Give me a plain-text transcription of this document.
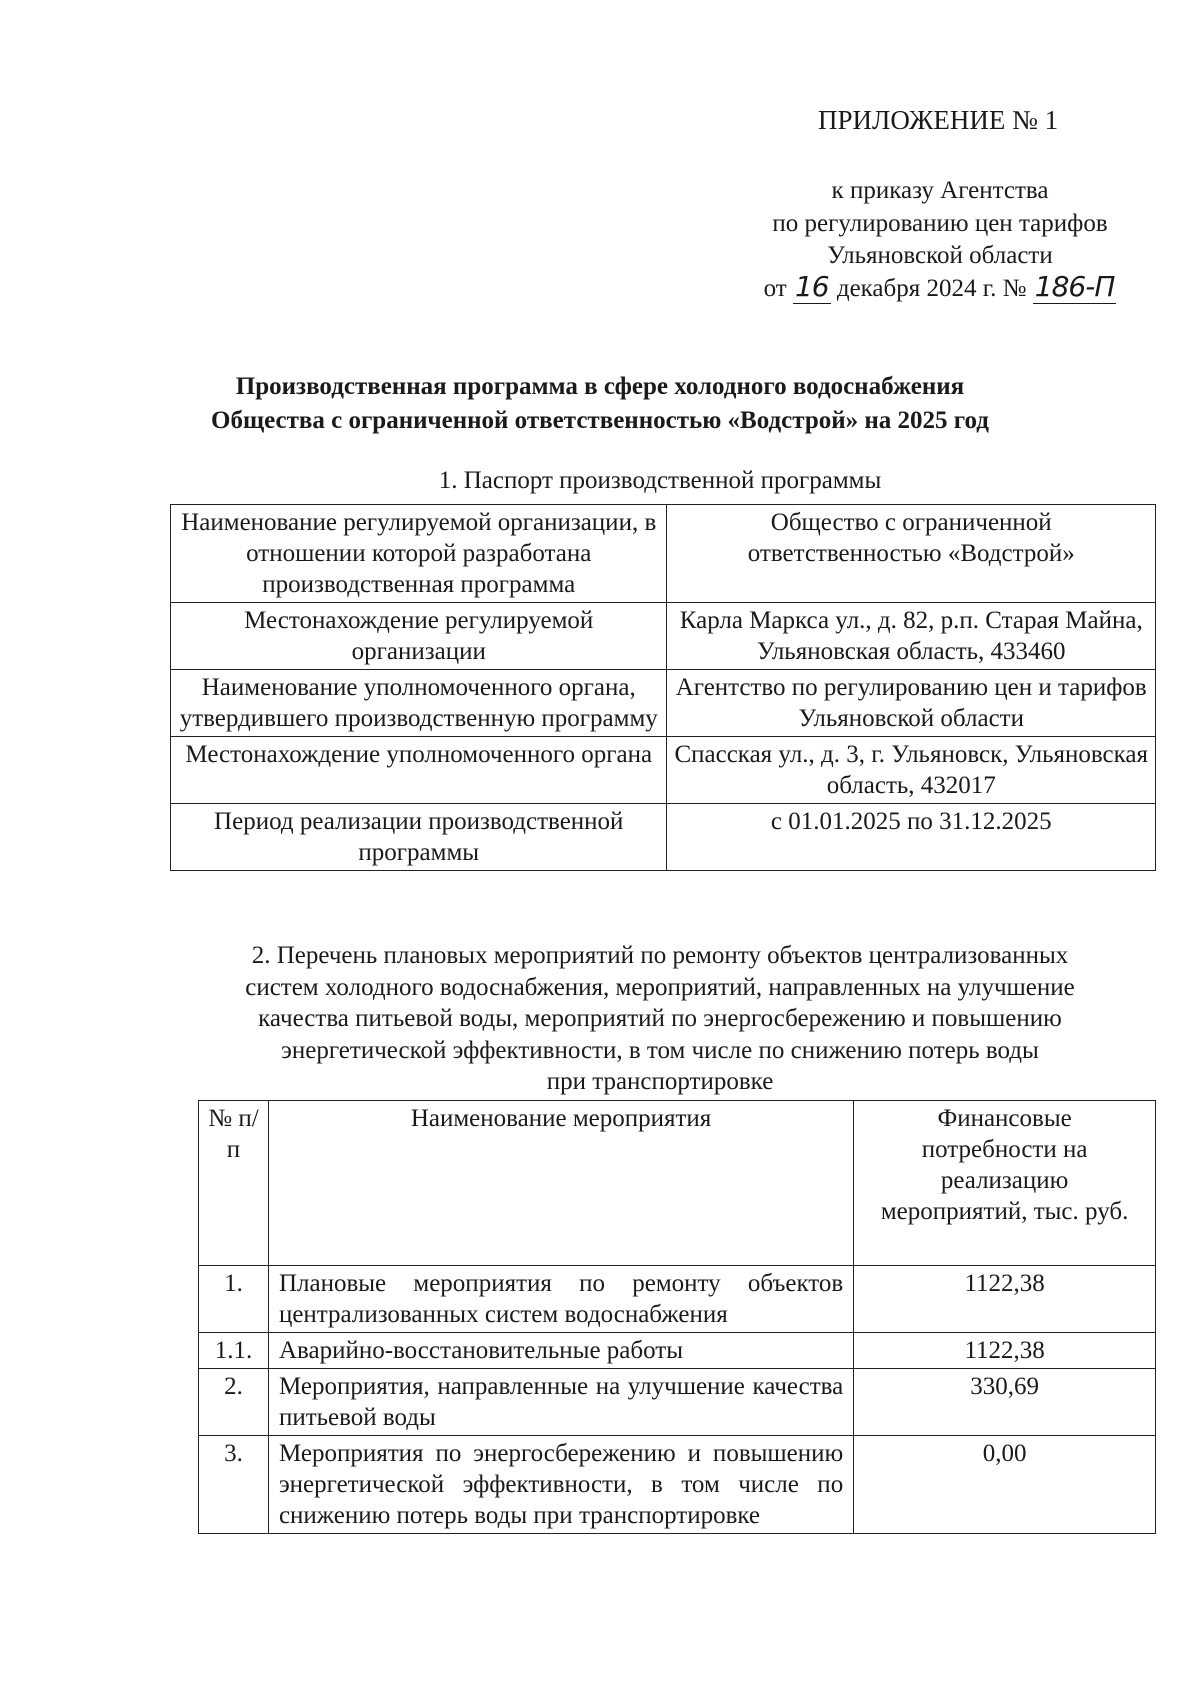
ПРИЛОЖЕНИЕ № 1
к приказу Агентства
по регулированию цен тарифов
Ульяновской области
от 16 декабря 2024 г. № 186-П
Производственная программа в сфере холодного водоснабжения
Общества с ограниченной ответственностью «Водстрой» на 2025 год
1. Паспорт производственной программы
Наименование регулируемой организации, в отношении которой разработана производственная программа	Общество с ограниченной ответственностью «Водстрой»
Местонахождение регулируемой организации	Карла Маркса ул., д. 82, р.п. Старая Майна, Ульяновская область, 433460
Наименование уполномоченного органа, утвердившего производственную программу	Агентство по регулированию цен и тарифов Ульяновской области
Местонахождение уполномоченного органа	Спасская ул., д. 3, г. Ульяновск, Ульяновская область, 432017
Период реализации производственной программы	с 01.01.2025 по 31.12.2025
2. Перечень плановых мероприятий по ремонту объектов централизованных
систем холодного водоснабжения, мероприятий, направленных на улучшение
качества питьевой воды, мероприятий по энергосбережению и повышению
энергетической эффективности, в том числе по снижению потерь воды
при транспортировке
№ п/п	Наименование мероприятия	Финансовые потребности на реализацию мероприятий, тыс. руб.
1.	Плановые мероприятия по ремонту объектов централизованных систем водоснабжения	1122,38
1.1.	Аварийно-восстановительные работы	1122,38
2.	Мероприятия, направленные на улучшение качества питьевой воды	330,69
3.	Мероприятия по энергосбережению и повышению энергетической эффективности, в том числе по снижению потерь воды при транспортировке	0,00
